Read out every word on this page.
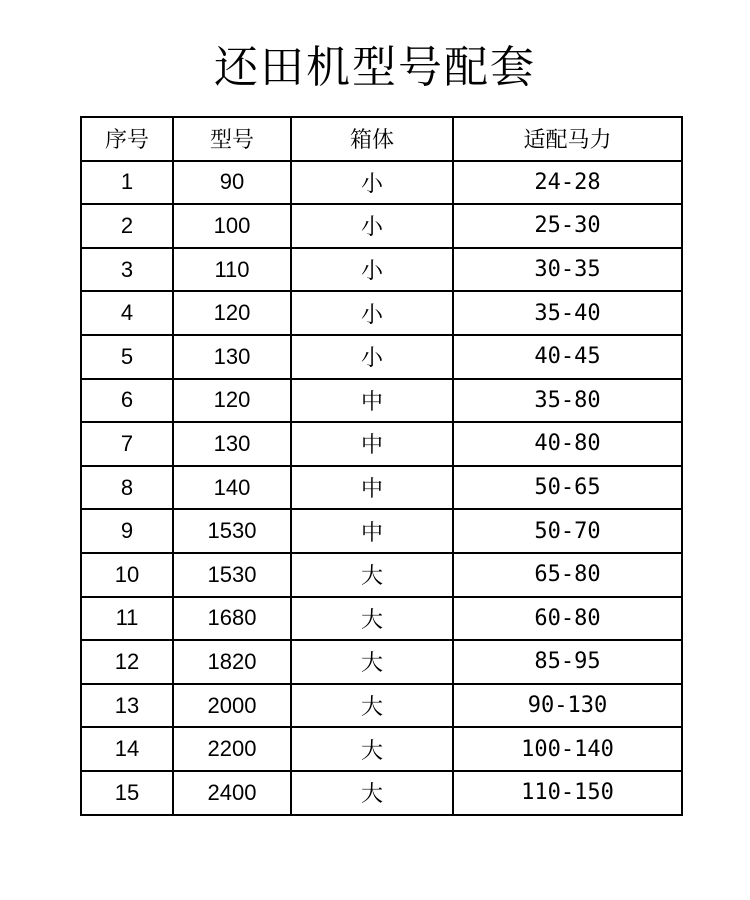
还田机型号配套
序号	型号	箱体	适配马力
1	90	小	24-28
2	100	小	25-30
3	110	小	30-35
4	120	小	35-40
5	130	小	40-45
6	120	中	35-80
7	130	中	40-80
8	140	中	50-65
9	1530	中	50-70
10	1530	大	65-80
11	1680	大	60-80
12	1820	大	85-95
13	2000	大	90-130
14	2200	大	100-140
15	2400	大	110-150
